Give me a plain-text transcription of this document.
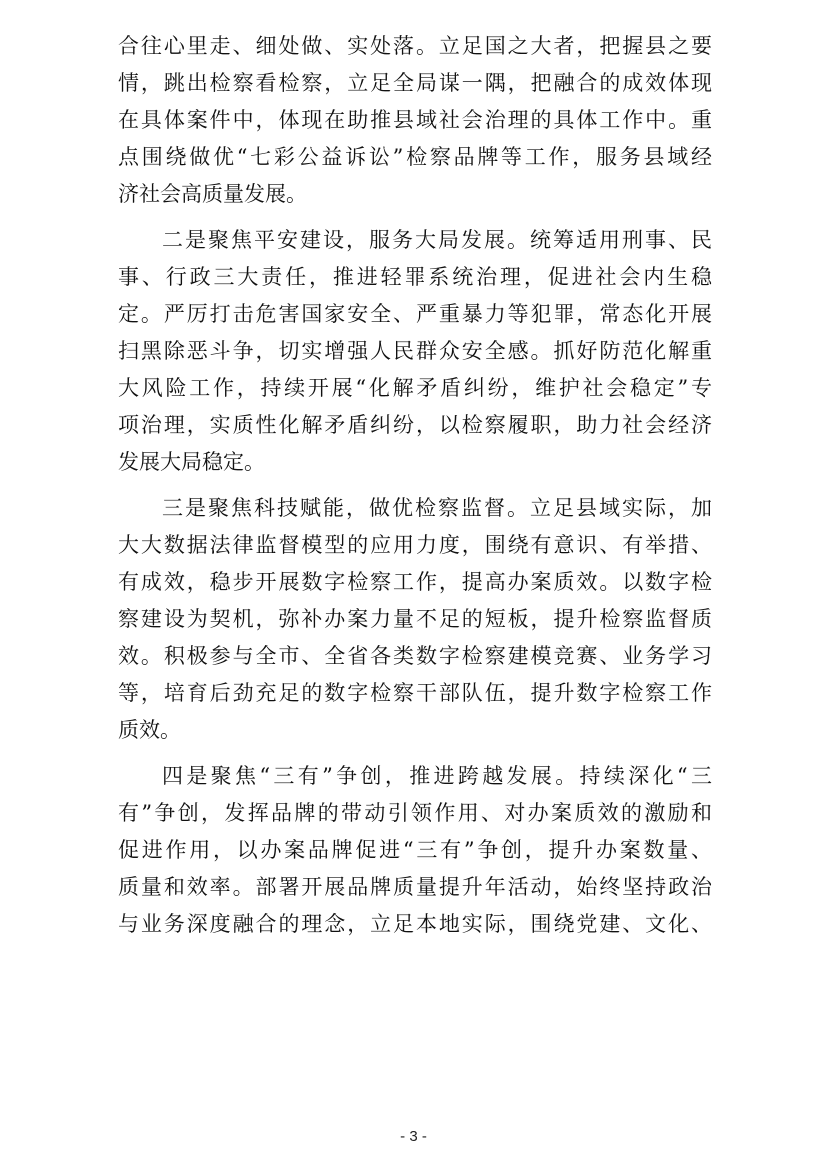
合往心里走、细处做、实处落。立足国之大者，把握县之要

情，跳出检察看检察，立足全局谋一隅，把融合的成效体现

在具体案件中，体现在助推县域社会治理的具体工作中。重

点围绕做优“七彩公益诉讼”检察品牌等工作，服务县域经

济社会高质量发展。

二是聚焦平安建设，服务大局发展。统筹适用刑事、民

事、行政三大责任，推进轻罪系统治理，促进社会内生稳

定。严厉打击危害国家安全、严重暴力等犯罪，常态化开展

扫黑除恶斗争，切实增强人民群众安全感。抓好防范化解重

大风险工作，持续开展“化解矛盾纠纷，维护社会稳定”专

项治理，实质性化解矛盾纠纷，以检察履职，助力社会经济

发展大局稳定。

三是聚焦科技赋能，做优检察监督。立足县域实际，加

大大数据法律监督模型的应用力度，围绕有意识、有举措、

有成效，稳步开展数字检察工作，提高办案质效。以数字检

察建设为契机，弥补办案力量不足的短板，提升检察监督质

效。积极参与全市、全省各类数字检察建模竞赛、业务学习

等，培育后劲充足的数字检察干部队伍，提升数字检察工作

质效。

四是聚焦“三有”争创，推进跨越发展。持续深化“三

有”争创，发挥品牌的带动引领作用、对办案质效的激励和

促进作用，以办案品牌促进“三有”争创，提升办案数量、

质量和效率。部署开展品牌质量提升年活动，始终坚持政治

与业务深度融合的理念，立足本地实际，围绕党建、文化、

- 3 -
